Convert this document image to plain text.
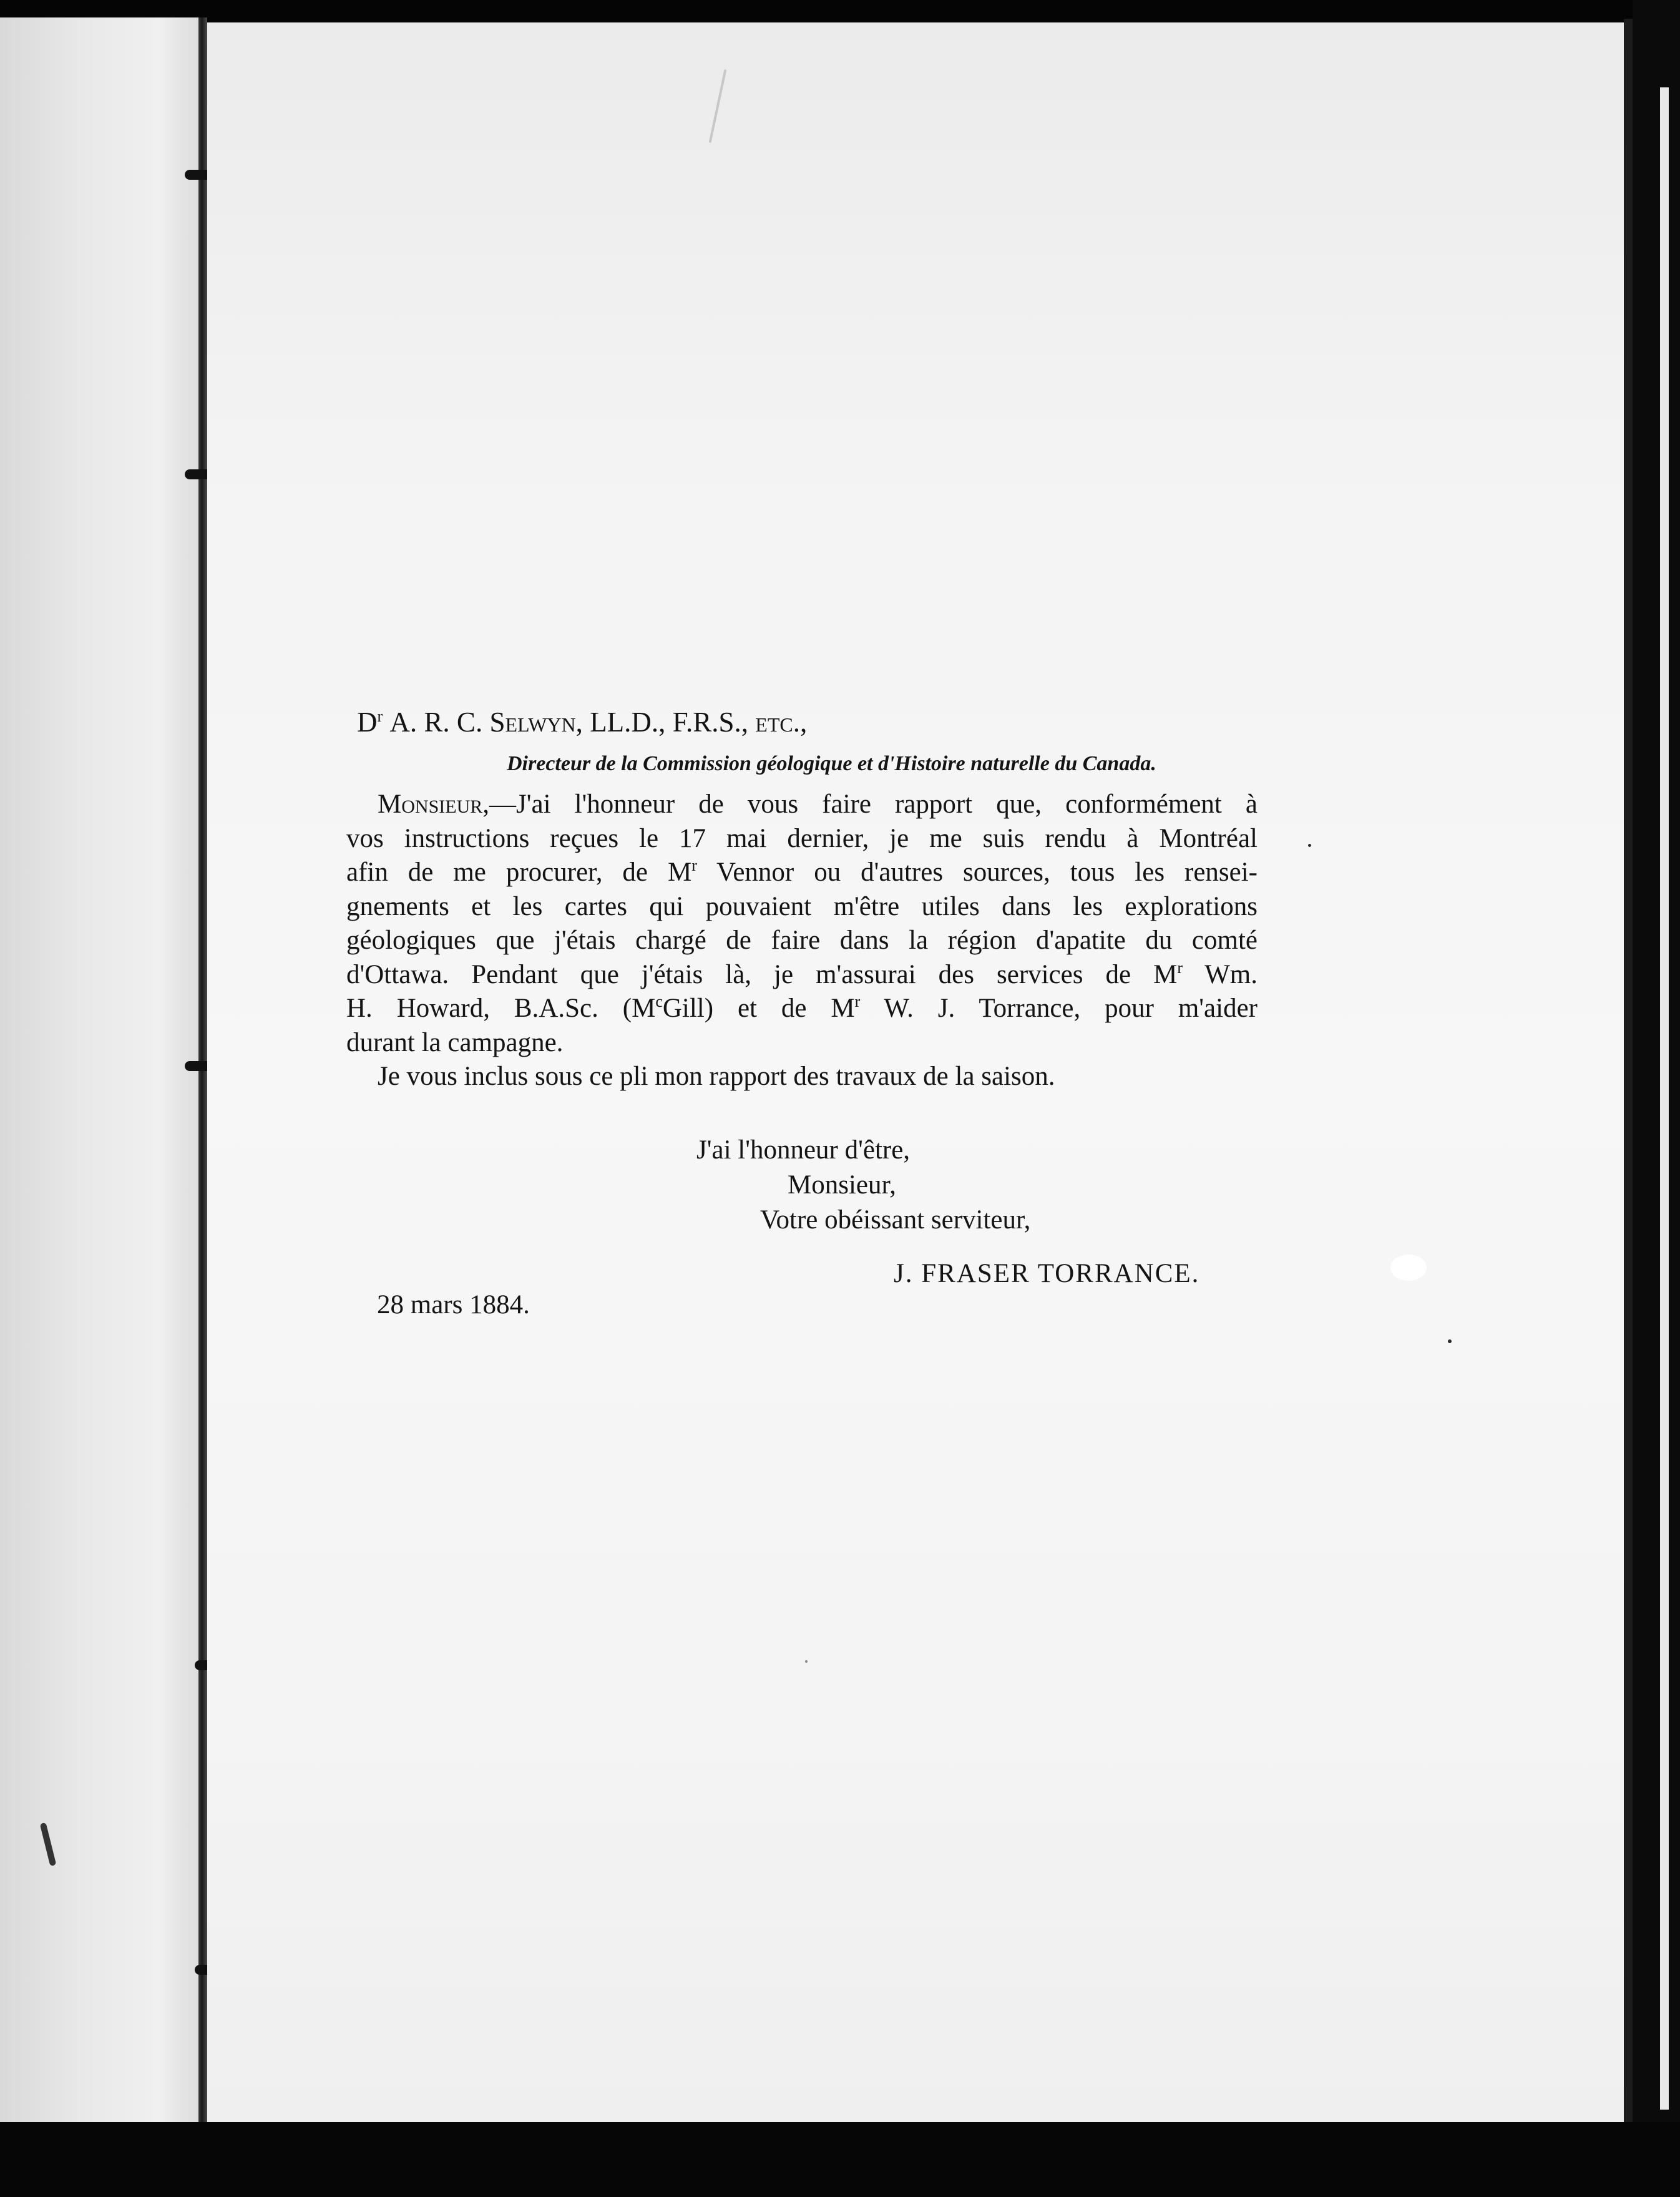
$D^r$ A. R. C. Selwyn, LL.D., F.R.S., etc.,
Directeur de la Commission géologique et d'Histoire naturelle du Canada.
Monsieur,—J'ai l'honneur de vous faire rapport que, conformément à
vos instructions reçues le 17 mai dernier, je me suis rendu à Montréal
afin de me procurer, de $M^r$ Vennor ou d'autres sources, tous les rensei-
gnements et les cartes qui pouvaient m'être utiles dans les explorations
géologiques que j'étais chargé de faire dans la région d'apatite du comté
d'Ottawa. Pendant que j'étais là, je m'assurai des services de $M^r$ Wm.
H. Howard, B.A.Sc. $(M^cGill)$ et de $M^r$ W. J. Torrance, pour m'aider
durant la campagne.
Je vous inclus sous ce pli mon rapport des travaux de la saison.
J'ai l'honneur d'être,
Monsieur,
Votre obéissant serviteur,
J. FRASER TORRANCE.
28 mars 1884.
